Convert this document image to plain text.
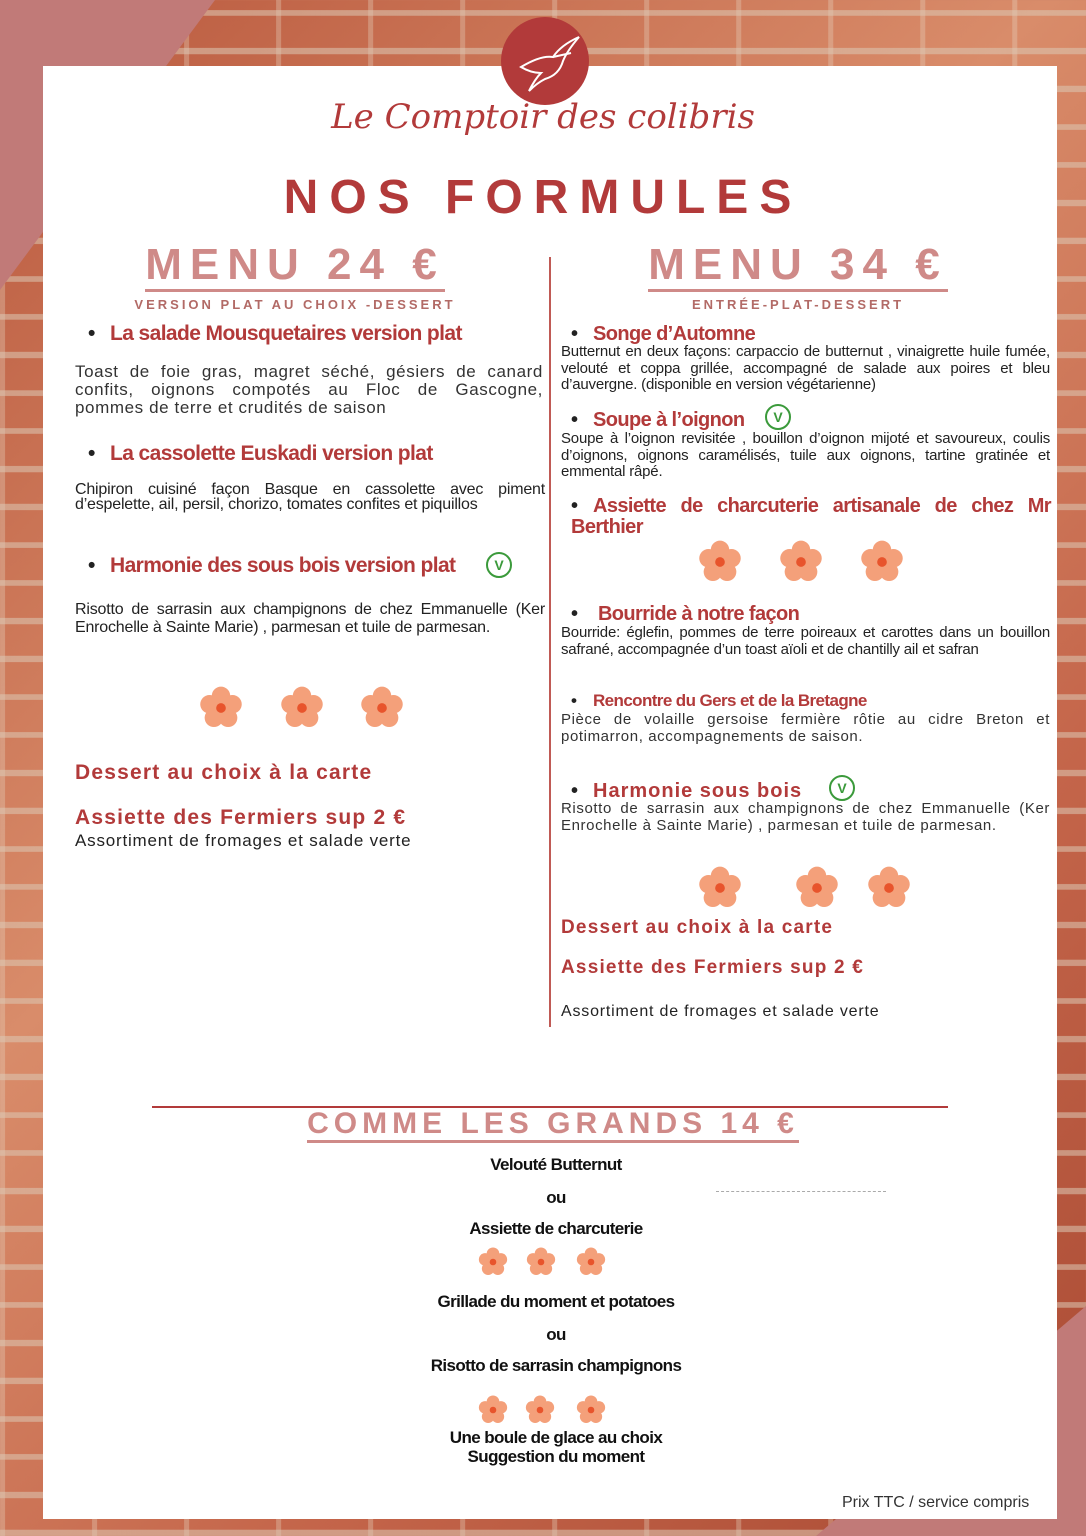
Le Comptoir des colibris
NOS FORMULES
MENU 24 €
VERSION PLAT AU CHOIX -DESSERT
• La salade Mousquetaires version plat
Toast de foie gras, magret séché, gésiers de canard confits, oignons compotés au Floc de Gascogne, pommes de terre et crudités de saison
• La cassolette Euskadi version plat
Chipiron cuisiné façon Basque en cassolette avec piment d’espelette, ail, persil, chorizo, tomates confites et piquillos
• Harmonie des sous bois version plat	V
Risotto de sarrasin aux champignons de chez Emmanuelle (Ker Enrochelle à Sainte Marie) , parmesan et tuile de parmesan.
Dessert au choix à la carte
Assiette des Fermiers sup 2 €
Assortiment de fromages et salade verte
MENU 34 €
ENTRÉE-PLAT-DESSERT
• Songe d’Automne
Butternut en deux façons: carpaccio de butternut , vinaigrette huile fumée, velouté et coppa grillée, accompagné de salade aux poires et bleu d’auvergne. (disponible en version végétarienne)
• Soupe à l’oignon	V
Soupe à l’oignon revisitée , bouillon d’oignon mijoté et savoureux, coulis d’oignons, oignons caramélisés, tuile aux oignons, tartine gratinée et emmental râpé.
• Assiette de charcuterie artisanale de chez Mr Berthier
• Bourride à notre façon
Bourride: églefin, pommes de terre poireaux et carottes dans un bouillon safrané, accompagnée d’un toast aïoli et de chantilly ail et safran
• Rencontre du Gers et de la Bretagne
Pièce de volaille gersoise fermière rôtie au cidre Breton et potimarron, accompagnements de saison.
• Harmonie sous bois	V
Risotto de sarrasin aux champignons de chez Emmanuelle (Ker Enrochelle à Sainte Marie) , parmesan et tuile de parmesan.
Dessert au choix à la carte
Assiette des Fermiers sup 2 €
Assortiment de fromages et salade verte
COMME LES GRANDS 14 €
Velouté Butternut
ou
Assiette de charcuterie
Grillade du moment et potatoes
ou
Risotto de sarrasin champignons
Une boule de glace au choix
Suggestion du moment
Prix TTC / service compris
